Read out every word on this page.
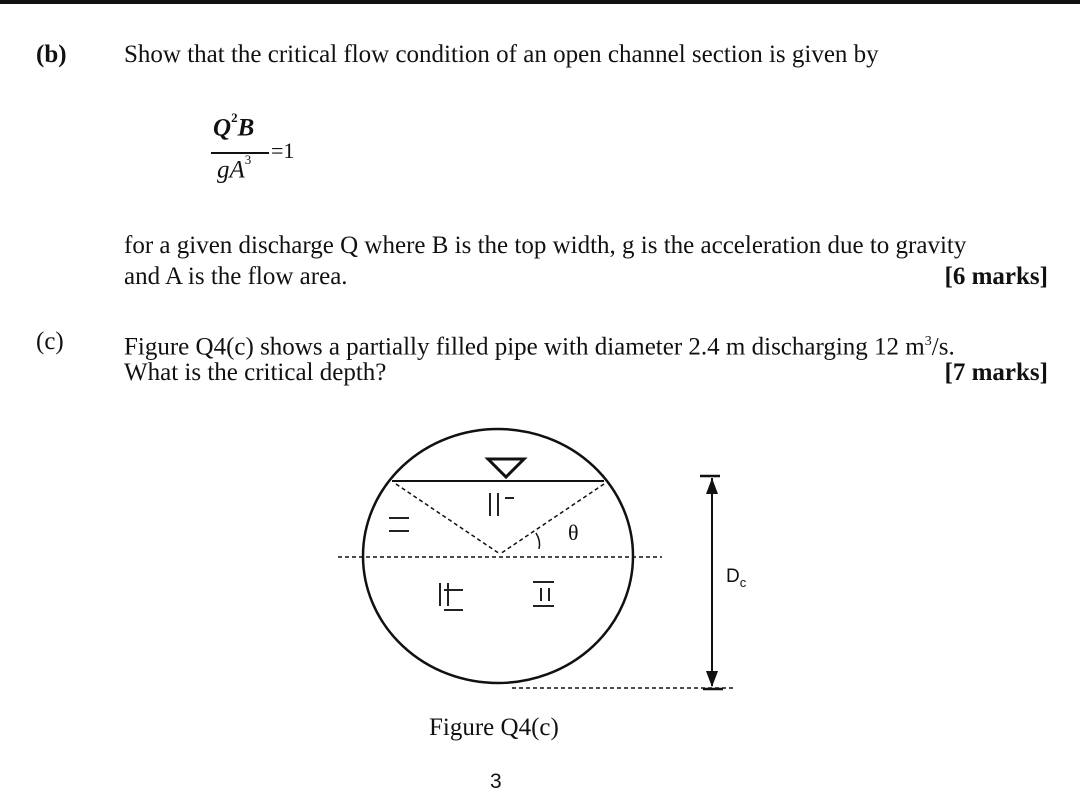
(b) Show that the critical flow condition of an open channel section is given by
$Q^2B$
$gA^3 =1$
for a given discharge Q where B is the top width, g is the acceleration due to gravity
and A is the flow area.	[6 marks]
(c) Figure Q4(c) shows a partially filled pipe with diameter 2.4 m discharging 12 $m^3/s$.
What is the critical depth?	[7 marks]
θ
$D_c$
Figure Q4(c)
3
